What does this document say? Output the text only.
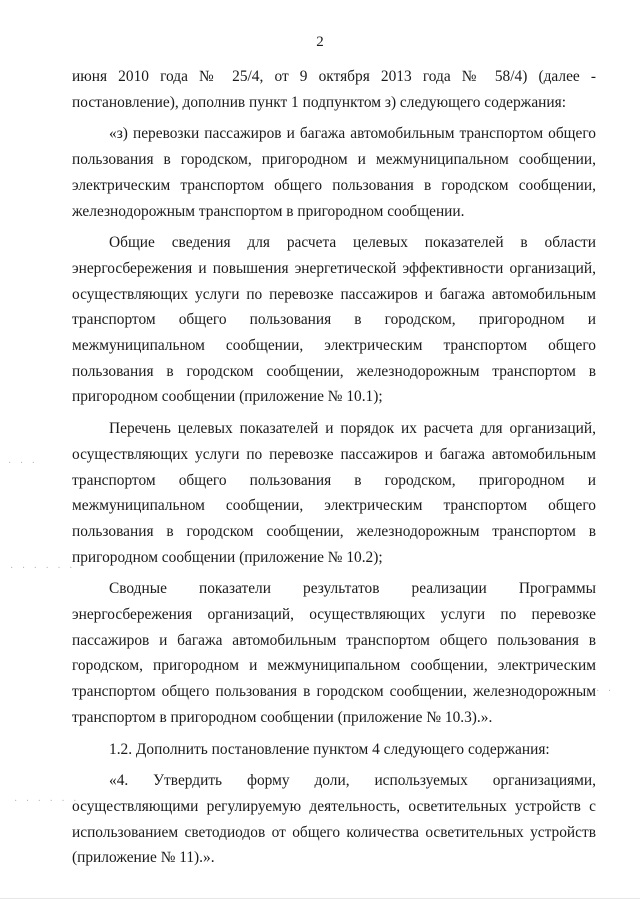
2

июня 2010 года № 25/4, от 9 октября 2013 года № 58/4) (далее - постановление), дополнив пункт 1 подпунктом з) следующего содержания:

«з) перевозки пассажиров и багажа автомобильным транспортом общего пользования в городском, пригородном и межмуниципальном сообщении, электрическим транспортом общего пользования в городском сообщении, железнодорожным транспортом в пригородном сообщении.

Общие сведения для расчета целевых показателей в области энергосбережения и повышения энергетической эффективности организаций, осуществляющих услуги по перевозке пассажиров и багажа автомобильным транспортом общего пользования в городском, пригородном и межмуниципальном сообщении, электрическим транспортом общего пользования в городском сообщении, железнодорожным транспортом в пригородном сообщении (приложение № 10.1);

Перечень целевых показателей и порядок их расчета для организаций, осуществляющих услуги по перевозке пассажиров и багажа автомобильным транспортом общего пользования в городском, пригородном и межмуниципальном сообщении, электрическим транспортом общего пользования в городском сообщении, железнодорожным транспортом в пригородном сообщении (приложение № 10.2);

Сводные показатели результатов реализации Программы энергосбережения организаций, осуществляющих услуги по перевозке пассажиров и багажа автомобильным транспортом общего пользования в городском, пригородном и межмуниципальном сообщении, электрическим транспортом общего пользования в городском сообщении, железнодорожным транспортом в пригородном сообщении (приложение № 10.3).».

1.2. Дополнить постановление пунктом 4 следующего содержания:

«4. Утвердить форму доли, используемых организациями, осуществляющими регулируемую деятельность, осветительных устройств с использованием светодиодов от общего количества осветительных устройств (приложение № 11).».

· · ·
· · · · · ·
· · · · · ·
· ·
